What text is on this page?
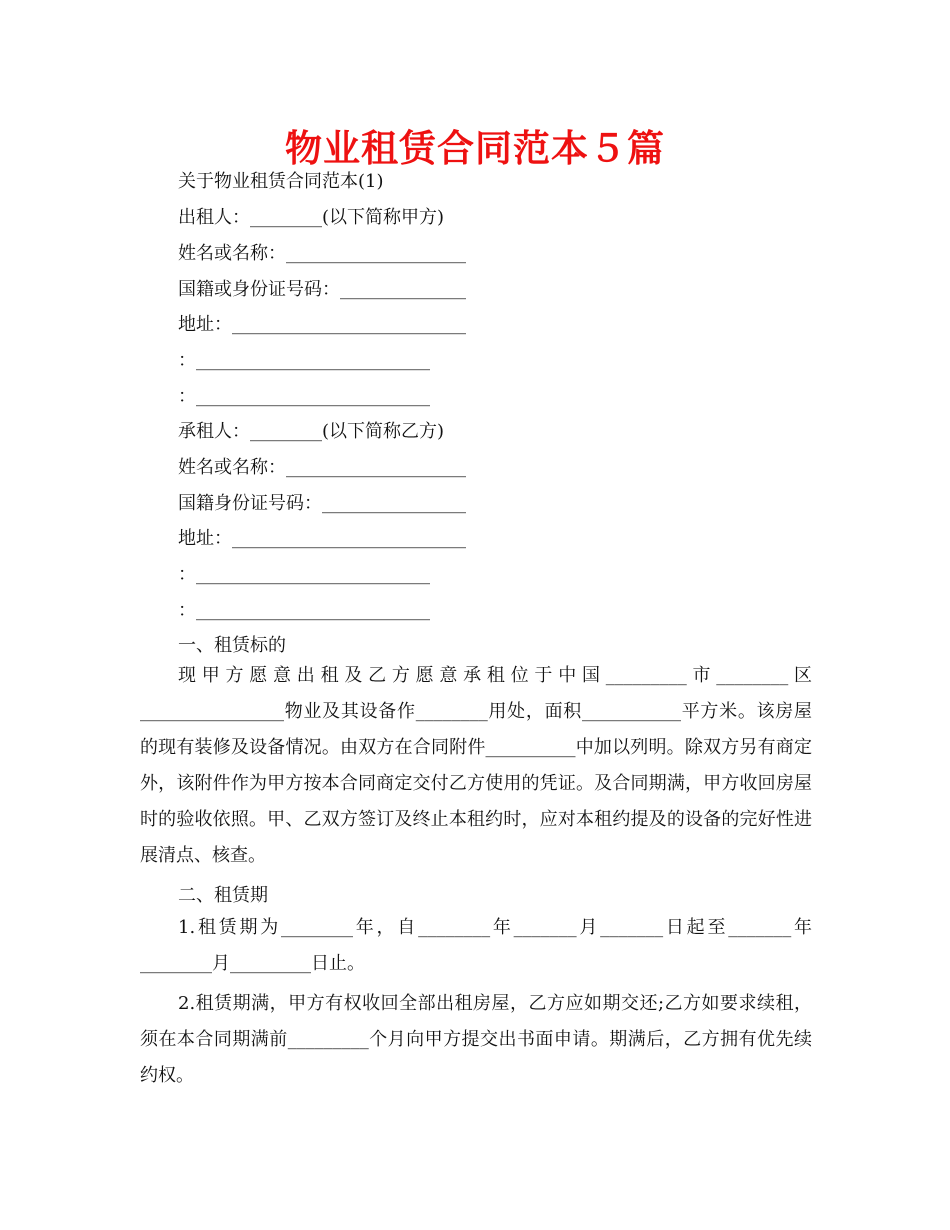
物业租赁合同范本５篇
关于物业租赁合同范本(1)
出租人：________(以下简称甲方)
姓名或名称：____________________
国籍或身份证号码：______________
地址：__________________________
：__________________________
：__________________________
承租人：________(以下简称乙方)
姓名或名称：____________________
国籍身份证号码：________________
地址：__________________________
：__________________________
：__________________________
一、租赁标的
现甲方愿意出租及乙方愿意承租位于中国_________市________区________________物业及其设备作________用处，面积___________平方米。该房屋的现有装修及设备情况。由双方在合同附件__________中加以列明。除双方另有商定外，该附件作为甲方按本合同商定交付乙方使用的凭证。及合同期满，甲方收回房屋时的验收依照。甲、乙双方签订及终止本租约时，应对本租约提及的设备的完好性进展清点、核查。
二、租赁期
1.租赁期为________年，自________年_______月_______日起至_______年________月_________日止。
2.租赁期满，甲方有权收回全部出租房屋，乙方应如期交还;乙方如要求续租，须在本合同期满前_________个月向甲方提交出书面申请。期满后，乙方拥有优先续约权。
